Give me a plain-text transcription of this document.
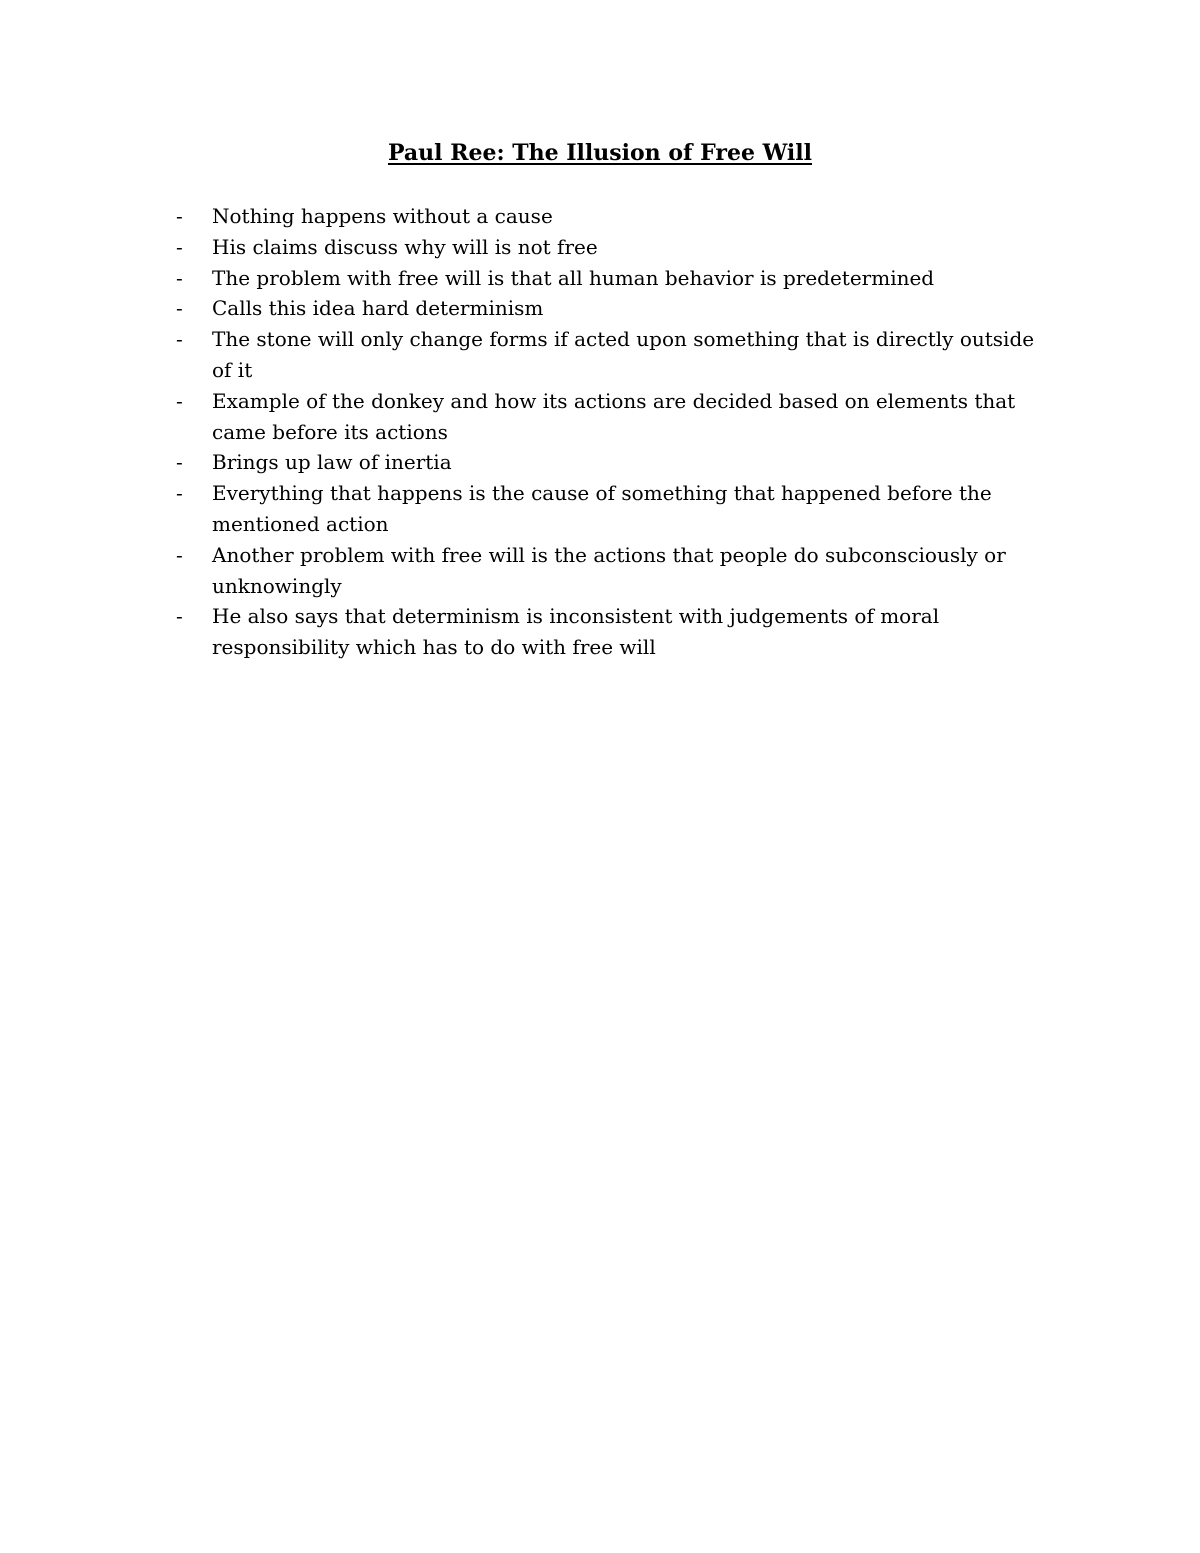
Paul Ree: The Illusion of Free Will
- Nothing happens without a cause
- His claims discuss why will is not free
- The problem with free will is that all human behavior is predetermined
- Calls this idea hard determinism
- The stone will only change forms if acted upon something that is directly outside of it
- Example of the donkey and how its actions are decided based on elements that came before its actions
- Brings up law of inertia
- Everything that happens is the cause of something that happened before the mentioned action
- Another problem with free will is the actions that people do subconsciously or unknowingly
- He also says that determinism is inconsistent with judgements of moral responsibility which has to do with free will
